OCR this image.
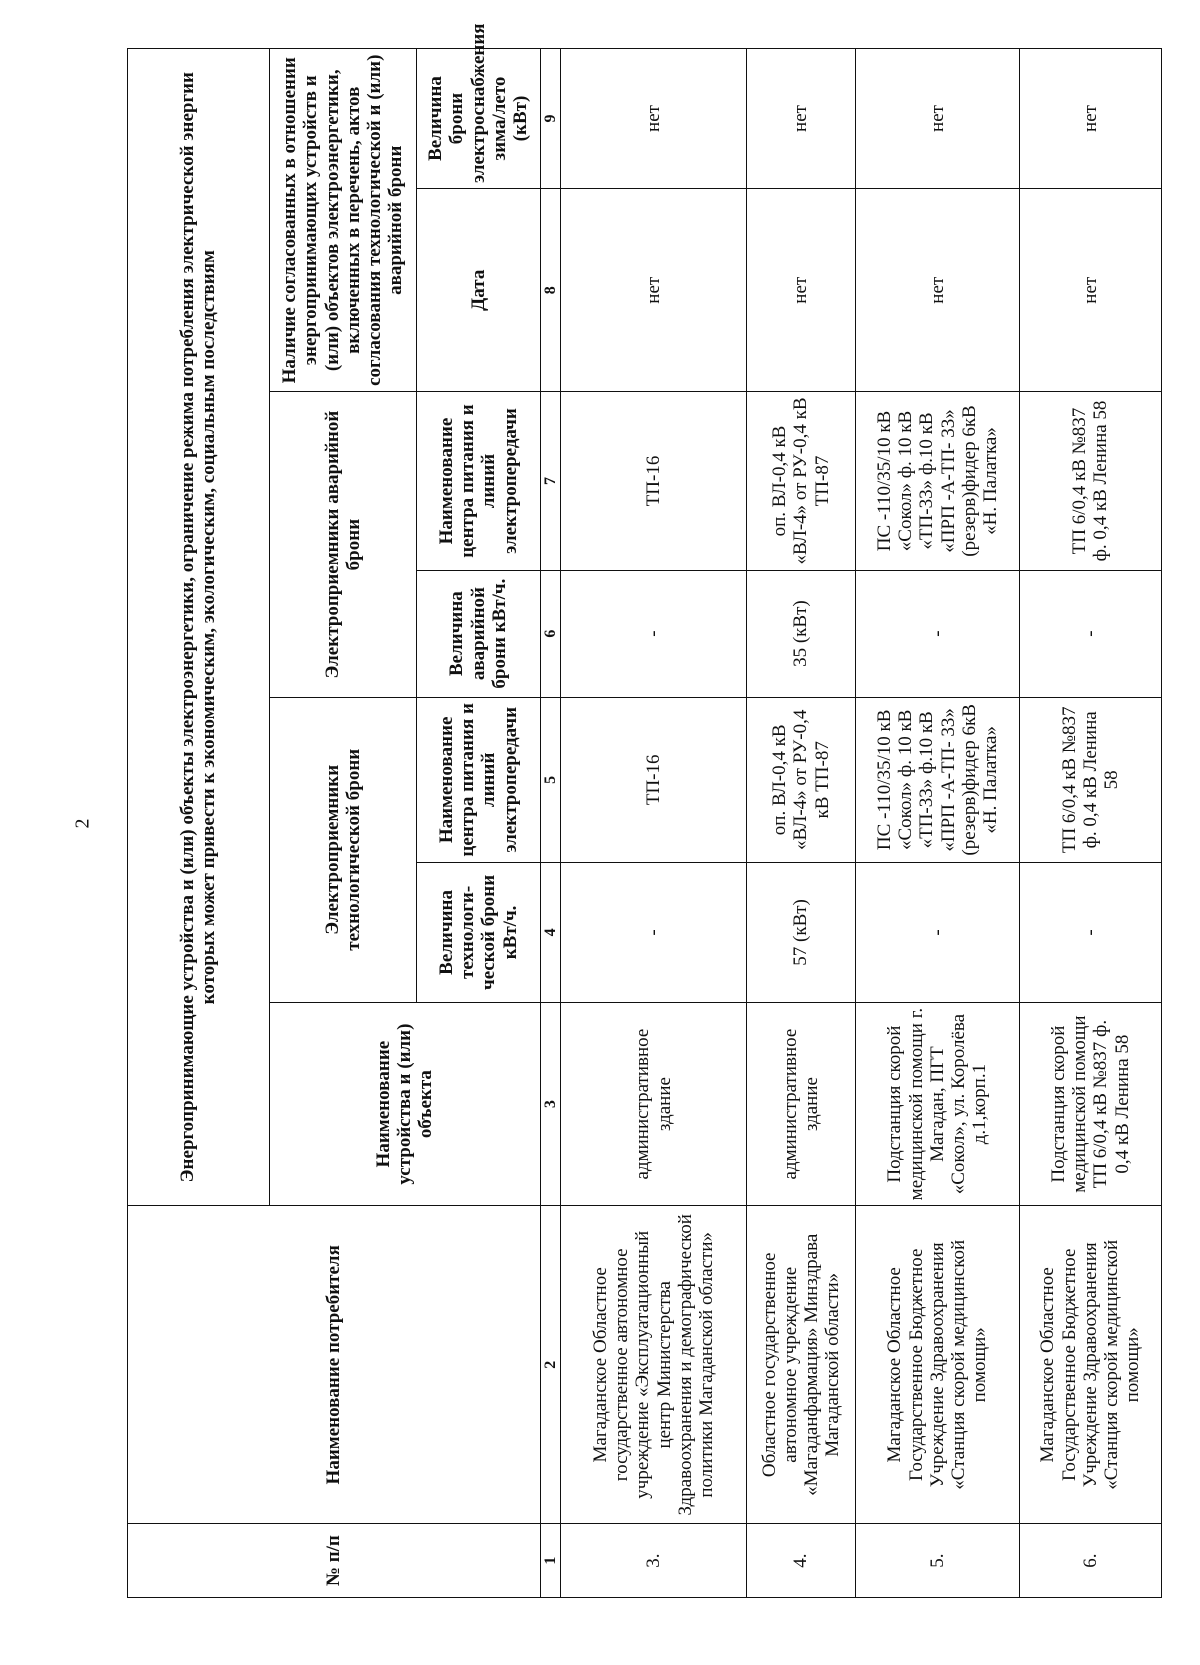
2
№ п/п	Наименование потребителя	Энергопринимающие устройства и (или) объекты электроэнергетики, ограничение режима потребления электрической энергии которых может привести к экономическим, экологическим, социальным последствиям						
		Наименование устройства и (или) объекта	Электроприемники технологической брони		Электроприемники аварийной брони		Наличие согласованных в отношении энергопринимающих устройств и (или) объектов электроэнергетики, включенных в перечень, актов согласования технологической и (или) аварийной брони	
			Величина технологи-ческой брони кВт/ч.	Наименование центра питания и линий электропередачи	Величина аварийной брони кВт/ч.	Наименование центра питания и линий электропередачи	Дата	Величина брони электроснабжения зима/лето (кВт)
1	2	3	4	5	6	7	8	9
3.	Магаданское Областное государственное автономное учреждение «Эксплуатационный центр Министерства Здравоохранения и демографической политики Магаданской области»	административное здание	-	ТП-16	-	ТП-16	нет	нет
4.	Областное государственное автономное учреждение «Магаданфармация» Минздрава Магаданской области»	административное здание	57 (кВт)	оп. ВЛ-0,4 кВ «ВЛ-4» от РУ-0,4 кВ ТП-87	35 (кВт)	оп. ВЛ-0,4 кВ «ВЛ-4» от РУ-0,4 кВ ТП-87	нет	нет
5.	Магаданское Областное Государственное Бюджетное Учреждение Здравоохранения «Станция скорой медицинской помощи»	Подстанция скорой медицинской помощи г. Магадан, ПГТ «Сокол», ул. Королёва д.1,корп.1	-	ПС -110/35/10 кВ «Сокол» ф. 10 кВ «ТП-33» ф.10 кВ «ПРП -А-ТП- 33» (резерв)фидер 6кВ «Н. Палатка»	-	ПС -110/35/10 кВ «Сокол» ф. 10 кВ «ТП-33» ф.10 кВ «ПРП -А-ТП- 33» (резерв)фидер 6кВ «Н. Палатка»	нет	нет
6.	Магаданское Областное Государственное Бюджетное Учреждение Здравоохранения «Станция скорой медицинской помощи»	Подстанция скорой медицинской помощи ТП 6/0,4 кВ №837 ф. 0,4 кВ Ленина 58	-	ТП 6/0,4 кВ №837 ф. 0,4 кВ Ленина 58	-	ТП 6/0,4 кВ №837 ф. 0,4 кВ Ленина 58	нет	нет
